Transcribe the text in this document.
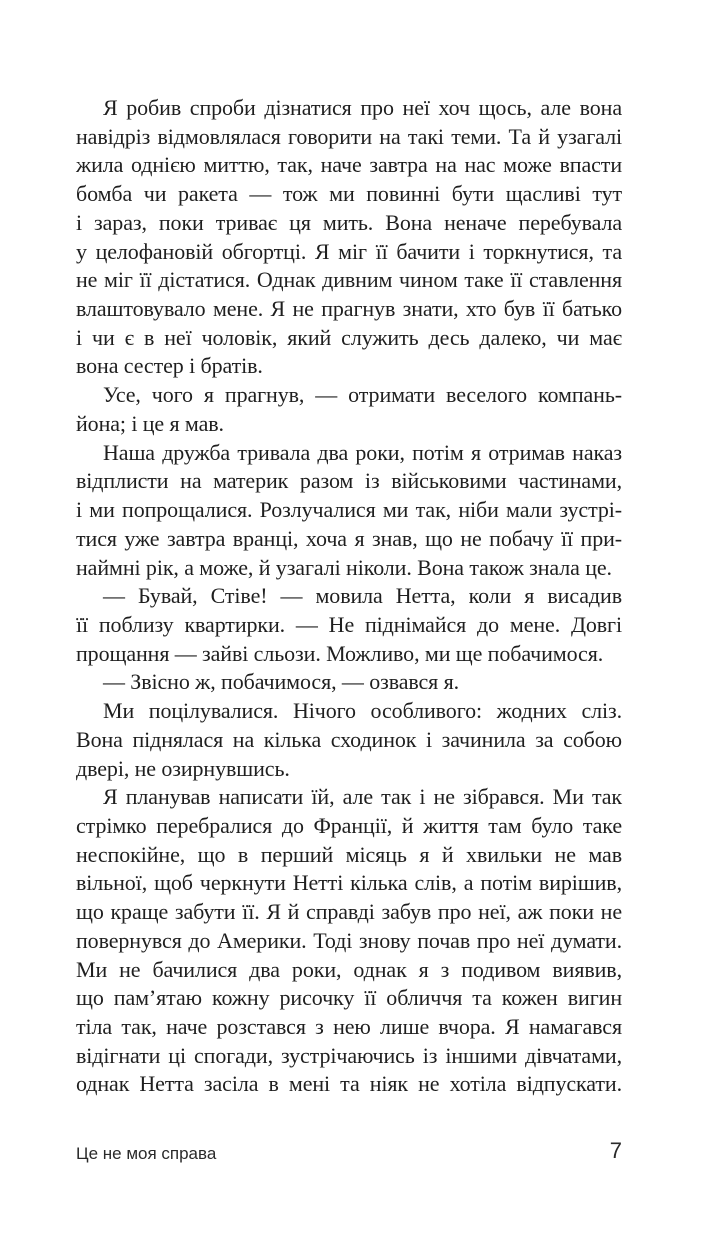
Я робив спроби дізнатися про неї хоч щось, але вона
навідріз відмовлялася говорити на такі теми. Та й узагалі
жила однією миттю, так, наче завтра на нас може впасти
бомба чи ракета — тож ми повинні бути щасливі тут
і зараз, поки триває ця мить. Вона неначе перебувала
у целофановій обгортці. Я міг її бачити і торкнутися, та
не міг її дістатися. Однак дивним чином таке її ставлення
влаштовувало мене. Я не прагнув знати, хто був її батько
і чи є в неї чоловік, який служить десь далеко, чи має
вона сестер і братів.
Усе, чого я прагнув, — отримати веселого компань-
йона; і це я мав.
Наша дружба тривала два роки, потім я отримав наказ
відплисти на материк разом із військовими частинами,
і ми попрощалися. Розлучалися ми так, ніби мали зустрі-
тися уже завтра вранці, хоча я знав, що не побачу її при-
наймні рік, а може, й узагалі ніколи. Вона також знала це.
— Бувай, Стіве! — мовила Нетта, коли я висадив
її поблизу квартирки. — Не піднімайся до мене. Довгі
прощання — зайві сльози. Можливо, ми ще побачимося.
— Звісно ж, побачимося, — озвався я.
Ми поцілувалися. Нічого особливого: жодних сліз.
Вона піднялася на кілька сходинок і зачинила за собою
двері, не озирнувшись.
Я планував написати їй, але так і не зібрався. Ми так
стрімко перебралися до Франції, й життя там було таке
неспокійне, що в перший місяць я й хвильки не мав
вільної, щоб черкнути Нетті кілька слів, а потім вирішив,
що краще забути її. Я й справді забув про неї, аж поки не
повернувся до Америки. Тоді знову почав про неї думати.
Ми не бачилися два роки, однак я з подивом виявив,
що пам’ятаю кожну рисочку її обличчя та кожен вигин
тіла так, наче розстався з нею лише вчора. Я намагався
відігнати ці спогади, зустрічаючись із іншими дівчатами,
однак Нетта засіла в мені та ніяк не хотіла відпускати.
Це не моя справа	7
